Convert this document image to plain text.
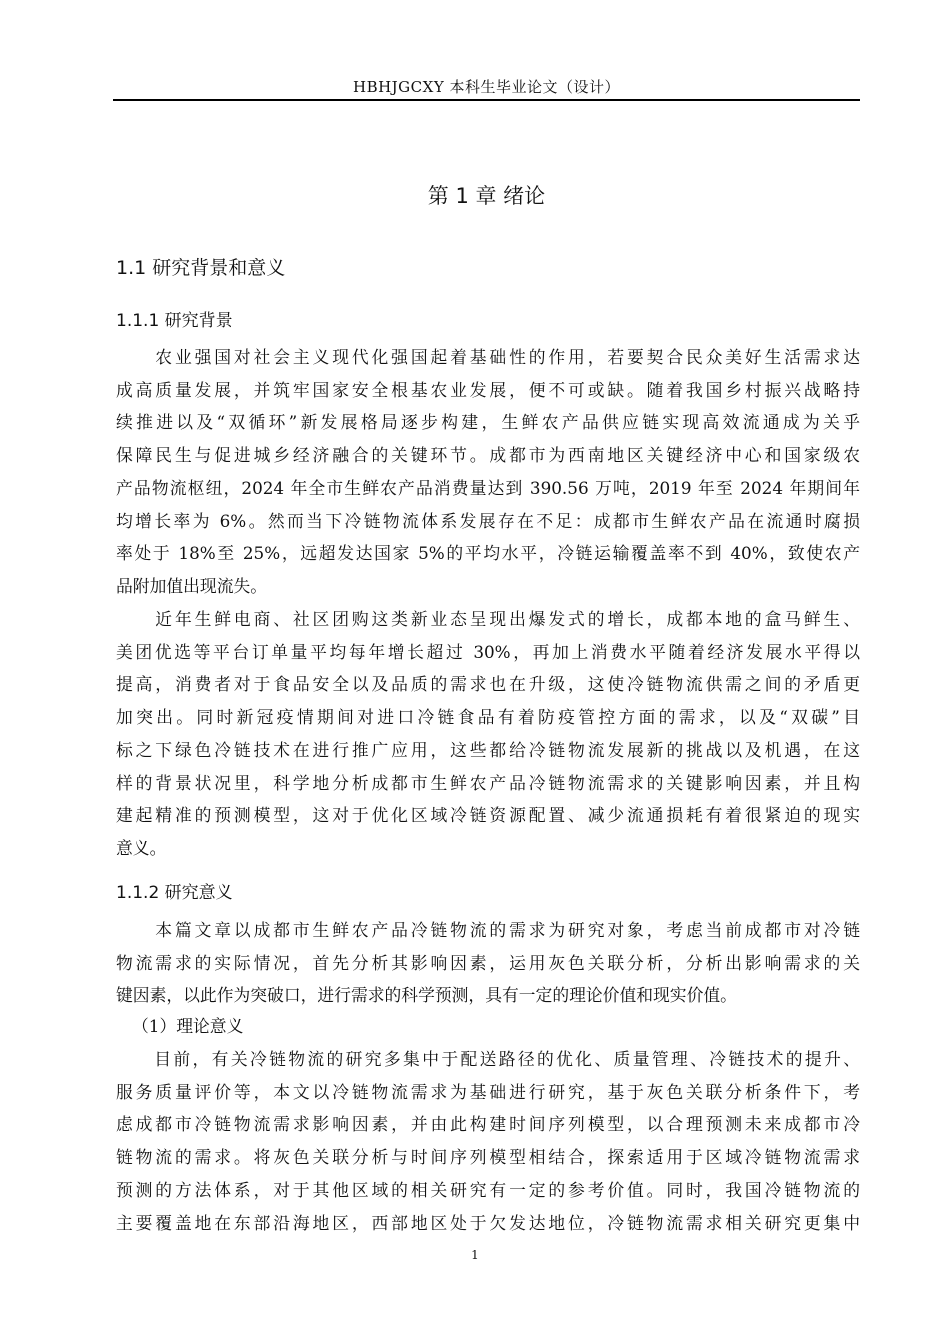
HBHJGCXY 本科生毕业论文（设计）
第 1 章 绪论
1.1 研究背景和意义
1.1.1 研究背景
　　农业强国对社会主义现代化强国起着基础性的作用，若要契合民众美好生活需求达
成高质量发展，并筑牢国家安全根基农业发展，便不可或缺。随着我国乡村振兴战略持
续推进以及“双循环”新发展格局逐步构建，生鲜农产品供应链实现高效流通成为关乎
保障民生与促进城乡经济融合的关键环节。成都市为西南地区关键经济中心和国家级农
产品物流枢纽，2024 年全市生鲜农产品消费量达到 390.56 万吨，2019 年至 2024 年期间年
均增长率为 6%。然而当下冷链物流体系发展存在不足：成都市生鲜农产品在流通时腐损
率处于 18%至 25%，远超发达国家 5%的平均水平，冷链运输覆盖率不到 40%，致使农产
品附加值出现流失。
　　近年生鲜电商、社区团购这类新业态呈现出爆发式的增长，成都本地的盒马鲜生、
美团优选等平台订单量平均每年增长超过 30%，再加上消费水平随着经济发展水平得以
提高，消费者对于食品安全以及品质的需求也在升级，这使冷链物流供需之间的矛盾更
加突出。同时新冠疫情期间对进口冷链食品有着防疫管控方面的需求，以及“双碳”目
标之下绿色冷链技术在进行推广应用，这些都给冷链物流发展新的挑战以及机遇，在这
样的背景状况里，科学地分析成都市生鲜农产品冷链物流需求的关键影响因素，并且构
建起精准的预测模型，这对于优化区域冷链资源配置、减少流通损耗有着很紧迫的现实
意义。
1.1.2 研究意义
　　本篇文章以成都市生鲜农产品冷链物流的需求为研究对象，考虑当前成都市对冷链
物流需求的实际情况，首先分析其影响因素，运用灰色关联分析，分析出影响需求的关
键因素，以此作为突破口，进行需求的科学预测，具有一定的理论价值和现实价值。
（1）理论意义
　　目前，有关冷链物流的研究多集中于配送路径的优化、质量管理、冷链技术的提升、
服务质量评价等，本文以冷链物流需求为基础进行研究，基于灰色关联分析条件下，考
虑成都市冷链物流需求影响因素，并由此构建时间序列模型，以合理预测未来成都市冷
链物流的需求。将灰色关联分析与时间序列模型相结合，探索适用于区域冷链物流需求
预测的方法体系，对于其他区域的相关研究有一定的参考价值。同时，我国冷链物流的
主要覆盖地在东部沿海地区，西部地区处于欠发达地位，冷链物流需求相关研究更集中
1
